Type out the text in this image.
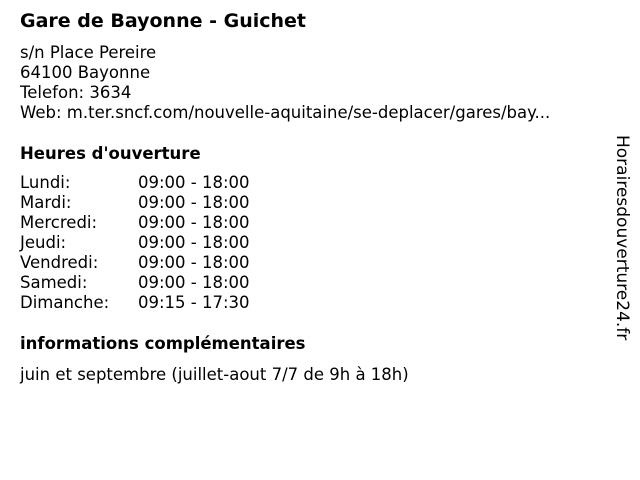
Gare de Bayonne - Guichet
s/n Place Pereire
64100 Bayonne
Telefon: 3634
Web: m.ter.sncf.com/nouvelle-aquitaine/se-deplacer/gares/bay...
Heures d'ouverture
Lundi:	09:00 - 18:00
Mardi:	09:00 - 18:00
Mercredi: 09:00 - 18:00
Jeudi:	09:00 - 18:00
Vendredi: 09:00 - 18:00
Samedi:	09:00 - 18:00
Dimanche: 09:15 - 17:30
informations complémentaires
juin et septembre (juillet-aout 7/7 de 9h à 18h)
Horairesdouverture24.fr
